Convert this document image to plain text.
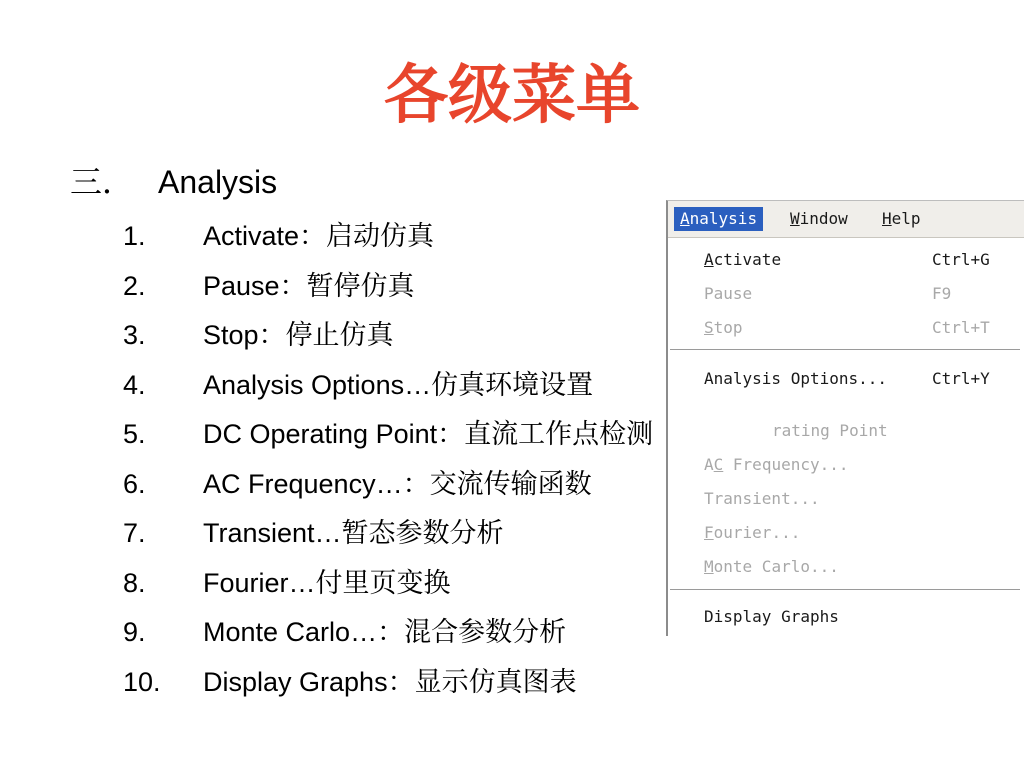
各级菜单
三． Analysis
1. Activate：启动仿真
2. Pause：暂停仿真
3. Stop：停止仿真
4. Analysis Options…仿真环境设置
5. DC Operating Point：直流工作点检测
6. AC Frequency…：交流传输函数
7. Transient…暂态参数分析
8. Fourier…付里页变换
9. Monte Carlo…：混合参数分析
10. Display Graphs：显示仿真图表
Analysis	Window	Help
Activate	Ctrl+G
Pause	F9
Stop	Ctrl+T
Analysis Options...	Ctrl+Y
rating Point
AC Frequency...
Transient...
Fourier...
Monte Carlo...
Display Graphs
